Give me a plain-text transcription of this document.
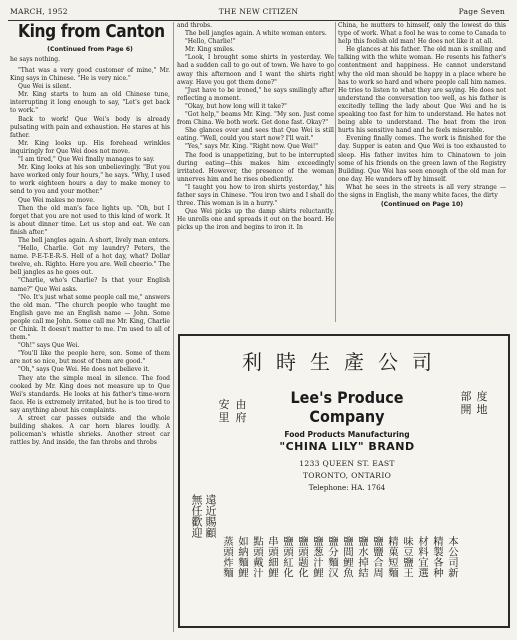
MARCH, 1952	THE NEW CITIZEN	Page Seven
King from Canton
(Continued from Page 6)
he says nothing.

"That was a very good customer of mine," Mr. King says in Chinese. "He is very nice."

Que Wei is silent.

Mr. King starts to hum an old Chinese tune, interrupting it long enough to say, "Let's get back to work."

Back to work! Que Wei's body is already pulsating with pain and exhaustion. He stares at his father.

Mr. King looks up. His forehead wrinkles inquiringly for Que Wei does not move.

"I am tired," Que Wei finally manages to say.

Mr. King looks at his son unbelievingly. "But you have worked only four hours," he says. "Why, I used to work eighteen hours a day to make money to send to you and your mother."

Que Wei makes no move.

Then the old man's face lights up. "Oh, but I forget that you are not used to this kind of work. It is about dinner time. Let us stop and eat. We can finish after."

The bell jangles again. A short, lively man enters.

"Hello, Charlie. Got my laundry? Peters, the name. P-E-T-E-R-S. Hell of a hot day, what? Dollar twelve, eh. Righto. Here you are. Well cheerio." The bell jangles as he goes out.

"Charlie, who's Charlie? Is that your English name?" Que Wei asks.

"No. It's just what some people call me," answers the old man. "The church people who taught me English gave me an English name — John. Some people call me John. Some call me Mr. King, Charlie or Chink. It doesn't matter to me. I'm used to all of them."

"Oh!" says Que Wei.

"You'll like the people here, son. Some of them are not so nice, but most of them are good."

"Oh," says Que Wei. He does not believe it.

They ate the simple meal in silence. The food cooked by Mr. King does not measure up to Que Wei's standards. He looks at his father's time-worn face. He is extremely irritated, but he is too tired to say anything about his complaints.

A street car passes outside and the whole building shakes. A car horn blares loudly. A policeman's whistle shrieks. Another street car rattles by. And inside, the fan throbs and throbs

and throbs.

The bell jangles again. A white woman enters.

"Hello, Charlie!"

Mr. King smiles.

"Look, I brought some shirts in yesterday. We had a sudden call to go out of town. We have to go away this afternoon and I want the shirts right away. Have you got them done?"

"Just have to be ironed," he says smilingly after reflecting a moment.

"Okay, but how long will it take?"

"Got help," beams Mr. King. "My son. Just come from China. We both work. Get done fast. Okay?"

She glances over and sees that Que Wei is still eating. "Well, could you start now? I'll wait."

"Yes," says Mr. King. "Right now. Que Wei!"

The food is unappetizing, but to be interrupted during eating—this makes him exceedingly irritated. However, the presence of the woman unnerves him and he rises obediently.

"I taught you how to iron shirts yesterday," his father says in Chinese. "You iron two and I shall do three. This woman is in a hurry."

Que Wei picks up the damp shirts reluctantly. He unrolls one and spreads it out on the board. He picks up the iron and begins to iron it. In

China, he mutters to himself, only the lowest do this type of work. What a fool he was to come to Canada to help this foolish old man! He does not like it at all.

He glances at his father. The old man is smiling and talking with the white woman. He resents his father's contentment and happiness. He cannot understand why the old man should be happy in a place where he has to work so hard and where people call him names. He tries to listen to what they are saying. He does not understand the conversation too well, as his father is excitedly telling the lady about Que Wei and he is speaking too fast for him to understand. He hates not being able to understand. The heat from the iron hurts his sensitive hand and he feels miserable.

Evening finally comes. The work is finished for the day. Supper is eaten and Que Wei is too exhausted to sleep. His father invites him to Chinatown to join some of his friends on the green lawn of the Registry Building. Que Wei has seen enough of the old man for one day. He wanders off by himself.

What he sees in the streets is all very strange — the signs in English, the many white faces, the dirty

(Continued on Page 10)
利時生產公司
安里
由府
部開
度地
Lee's Produce Company
Food Products Manufacturing
"CHINA LILY" BRAND
1233 QUEEN ST. EAST
TORONTO, ONTARIO
Telephone: HA. 1764
遠近賜顧
無任歡迎
本公司新
精製各种
材料宜選
味豆鹽王
精菓短麵
鹽鹽合周
鹽水掉結
鹽間鯉魚
鹽分麵汉
鹽葱汁鯉
鹽頭题化
鹽頭紅化
串頭細鯉
點頭戴汁
如納麵鯉
蒸頭炸麵
